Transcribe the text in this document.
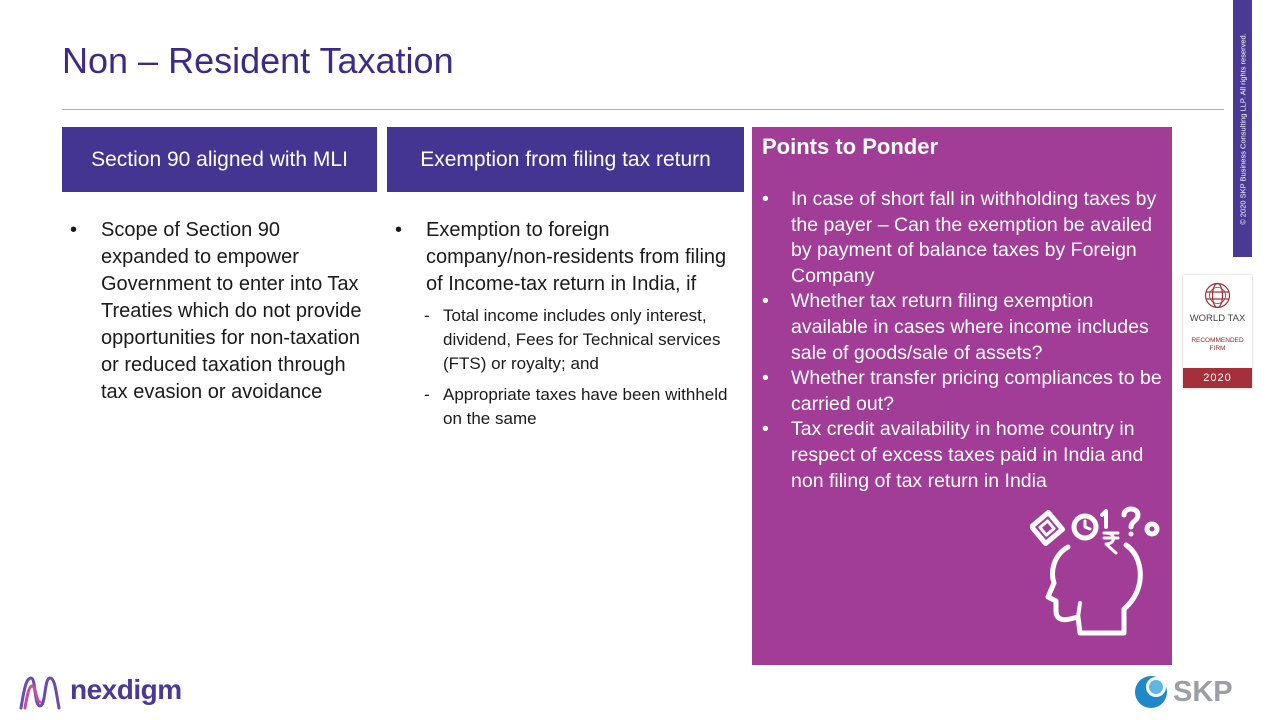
Non – Resident Taxation	© 2020 SKP Business Consulting LLP. All rights reserved.
Section 90 aligned with MLI
• Scope of Section 90 expanded to empower Government to enter into Tax Treaties which do not provide opportunities for non-taxation or reduced taxation through tax evasion or avoidance
Exemption from filing tax return
• Exemption to foreign company/non-residents from filing of Income-tax return in India, if
- Total income includes only interest, dividend, Fees for Technical services (FTS) or royalty; and
- Appropriate taxes have been withheld on the same
Points to Ponder
• In case of short fall in withholding taxes by the payer – Can the exemption be availed by payment of balance taxes by Foreign Company
• Whether tax return filing exemption available in cases where income includes sale of goods/sale of assets?
• Whether transfer pricing compliances to be carried out?
• Tax credit availability in home country in respect of excess taxes paid in India and non filing of tax return in India
WORLD TAX
RECOMMENDED FIRM
2020
nexdigm	SKP
